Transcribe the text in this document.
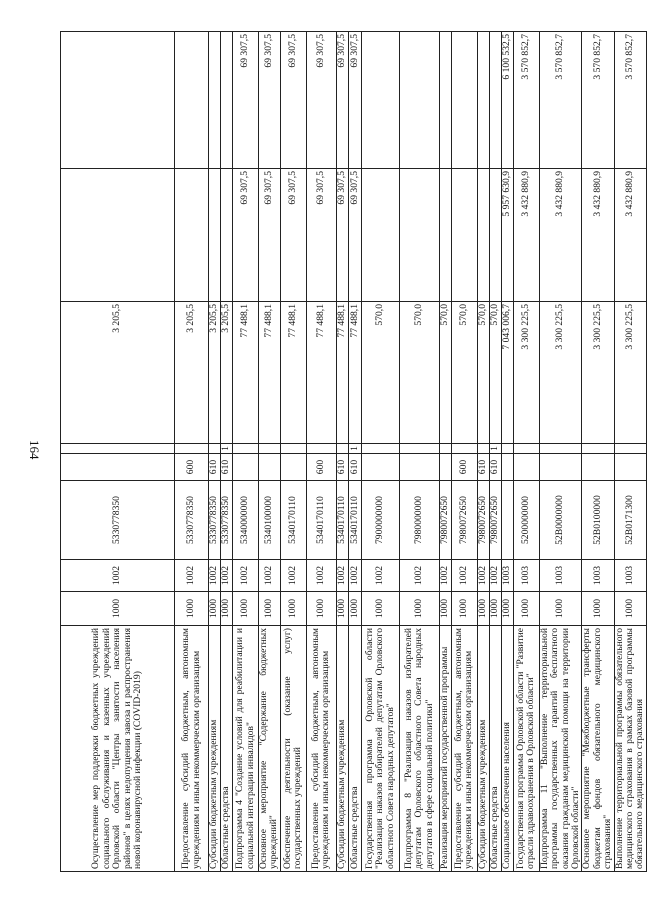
164
Осуществление мер поддержки бюджетных учреждений социального обслуживания и казенных учреждений Орловской области "Центры занятости населения районов" в целях недопущения завоза и распространения новой коронавирусной инфекции (COVID-2019)	1000	1002	5330778350			3 205,5		
Предоставление субсидий бюджетным, автономным учреждениям и иным некоммерческим организациям	1000	1002	5330778350	600		3 205,5		
Субсидии бюджетным учреждениям	1000	1002	5330778350	610		3 205,5		
Областные средства	1000	1002	5330778350	610	1	3 205,5		
Подпрограмма 4 "Создание условий для реабилитации и социальной интеграции инвалидов"	1000	1002	5340000000			77 488,1	69 307,5	69 307,5
Основное мероприятие "Содержание бюджетных учреждений"	1000	1002	5340100000			77 488,1	69 307,5	69 307,5
Обеспечение деятельности (оказание услуг) государственных учреждений	1000	1002	5340170110			77 488,1	69 307,5	69 307,5
Предоставление субсидий бюджетным, автономным учреждениям и иным некоммерческим организациям	1000	1002	5340170110	600		77 488,1	69 307,5	69 307,5
Субсидии бюджетным учреждениям	1000	1002	5340170110	610		77 488,1	69 307,5	69 307,5
Областные средства	1000	1002	5340170110	610	1	77 488,1	69 307,5	69 307,5
Государственная программа Орловской области "Реализация наказов избирателей депутатам Орловского областного Совета народных депутатов"	1000	1002	7900000000			570,0		
Подпрограмма 8 "Реализация наказов избирателей депутатам Орловского областного Совета народных депутатов в сфере социальной политики"	1000	1002	7980000000			570,0		
Реализация мероприятий государственной программы	1000	1002	7980072650			570,0		
Предоставление субсидий бюджетным, автономным учреждениям и иным некоммерческим организациям	1000	1002	7980072650	600		570,0		
Субсидии бюджетным учреждениям	1000	1002	7980072650	610		570,0		
Областные средства	1000	1002	7980072650	610	1	570,0		
Социальное обеспечение населения	1000	1003				7 043 006,7	5 957 630,9	6 100 532,5
Государственная программа Орловской области "Развитие отрасли здравоохранения в Орловской области"	1000	1003	5200000000			3 300 225,5	3 432 880,9	3 570 852,7
Подпрограмма 11 "Выполнение территориальной программы государственных гарантий бесплатного оказания гражданам медицинской помощи на территории Орловской области"	1000	1003	52B0000000			3 300 225,5	3 432 880,9	3 570 852,7
Основное мероприятие "Межбюджетные трансферты бюджетам фондов обязательного медицинского страхования"	1000	1003	52B0100000			3 300 225,5	3 432 880,9	3 570 852,7
Выполнение территориальной программы обязательного медицинского страхования в рамках базовой программы обязательного медицинского страхования	1000	1003	52B0171300			3 300 225,5	3 432 880,9	3 570 852,7
